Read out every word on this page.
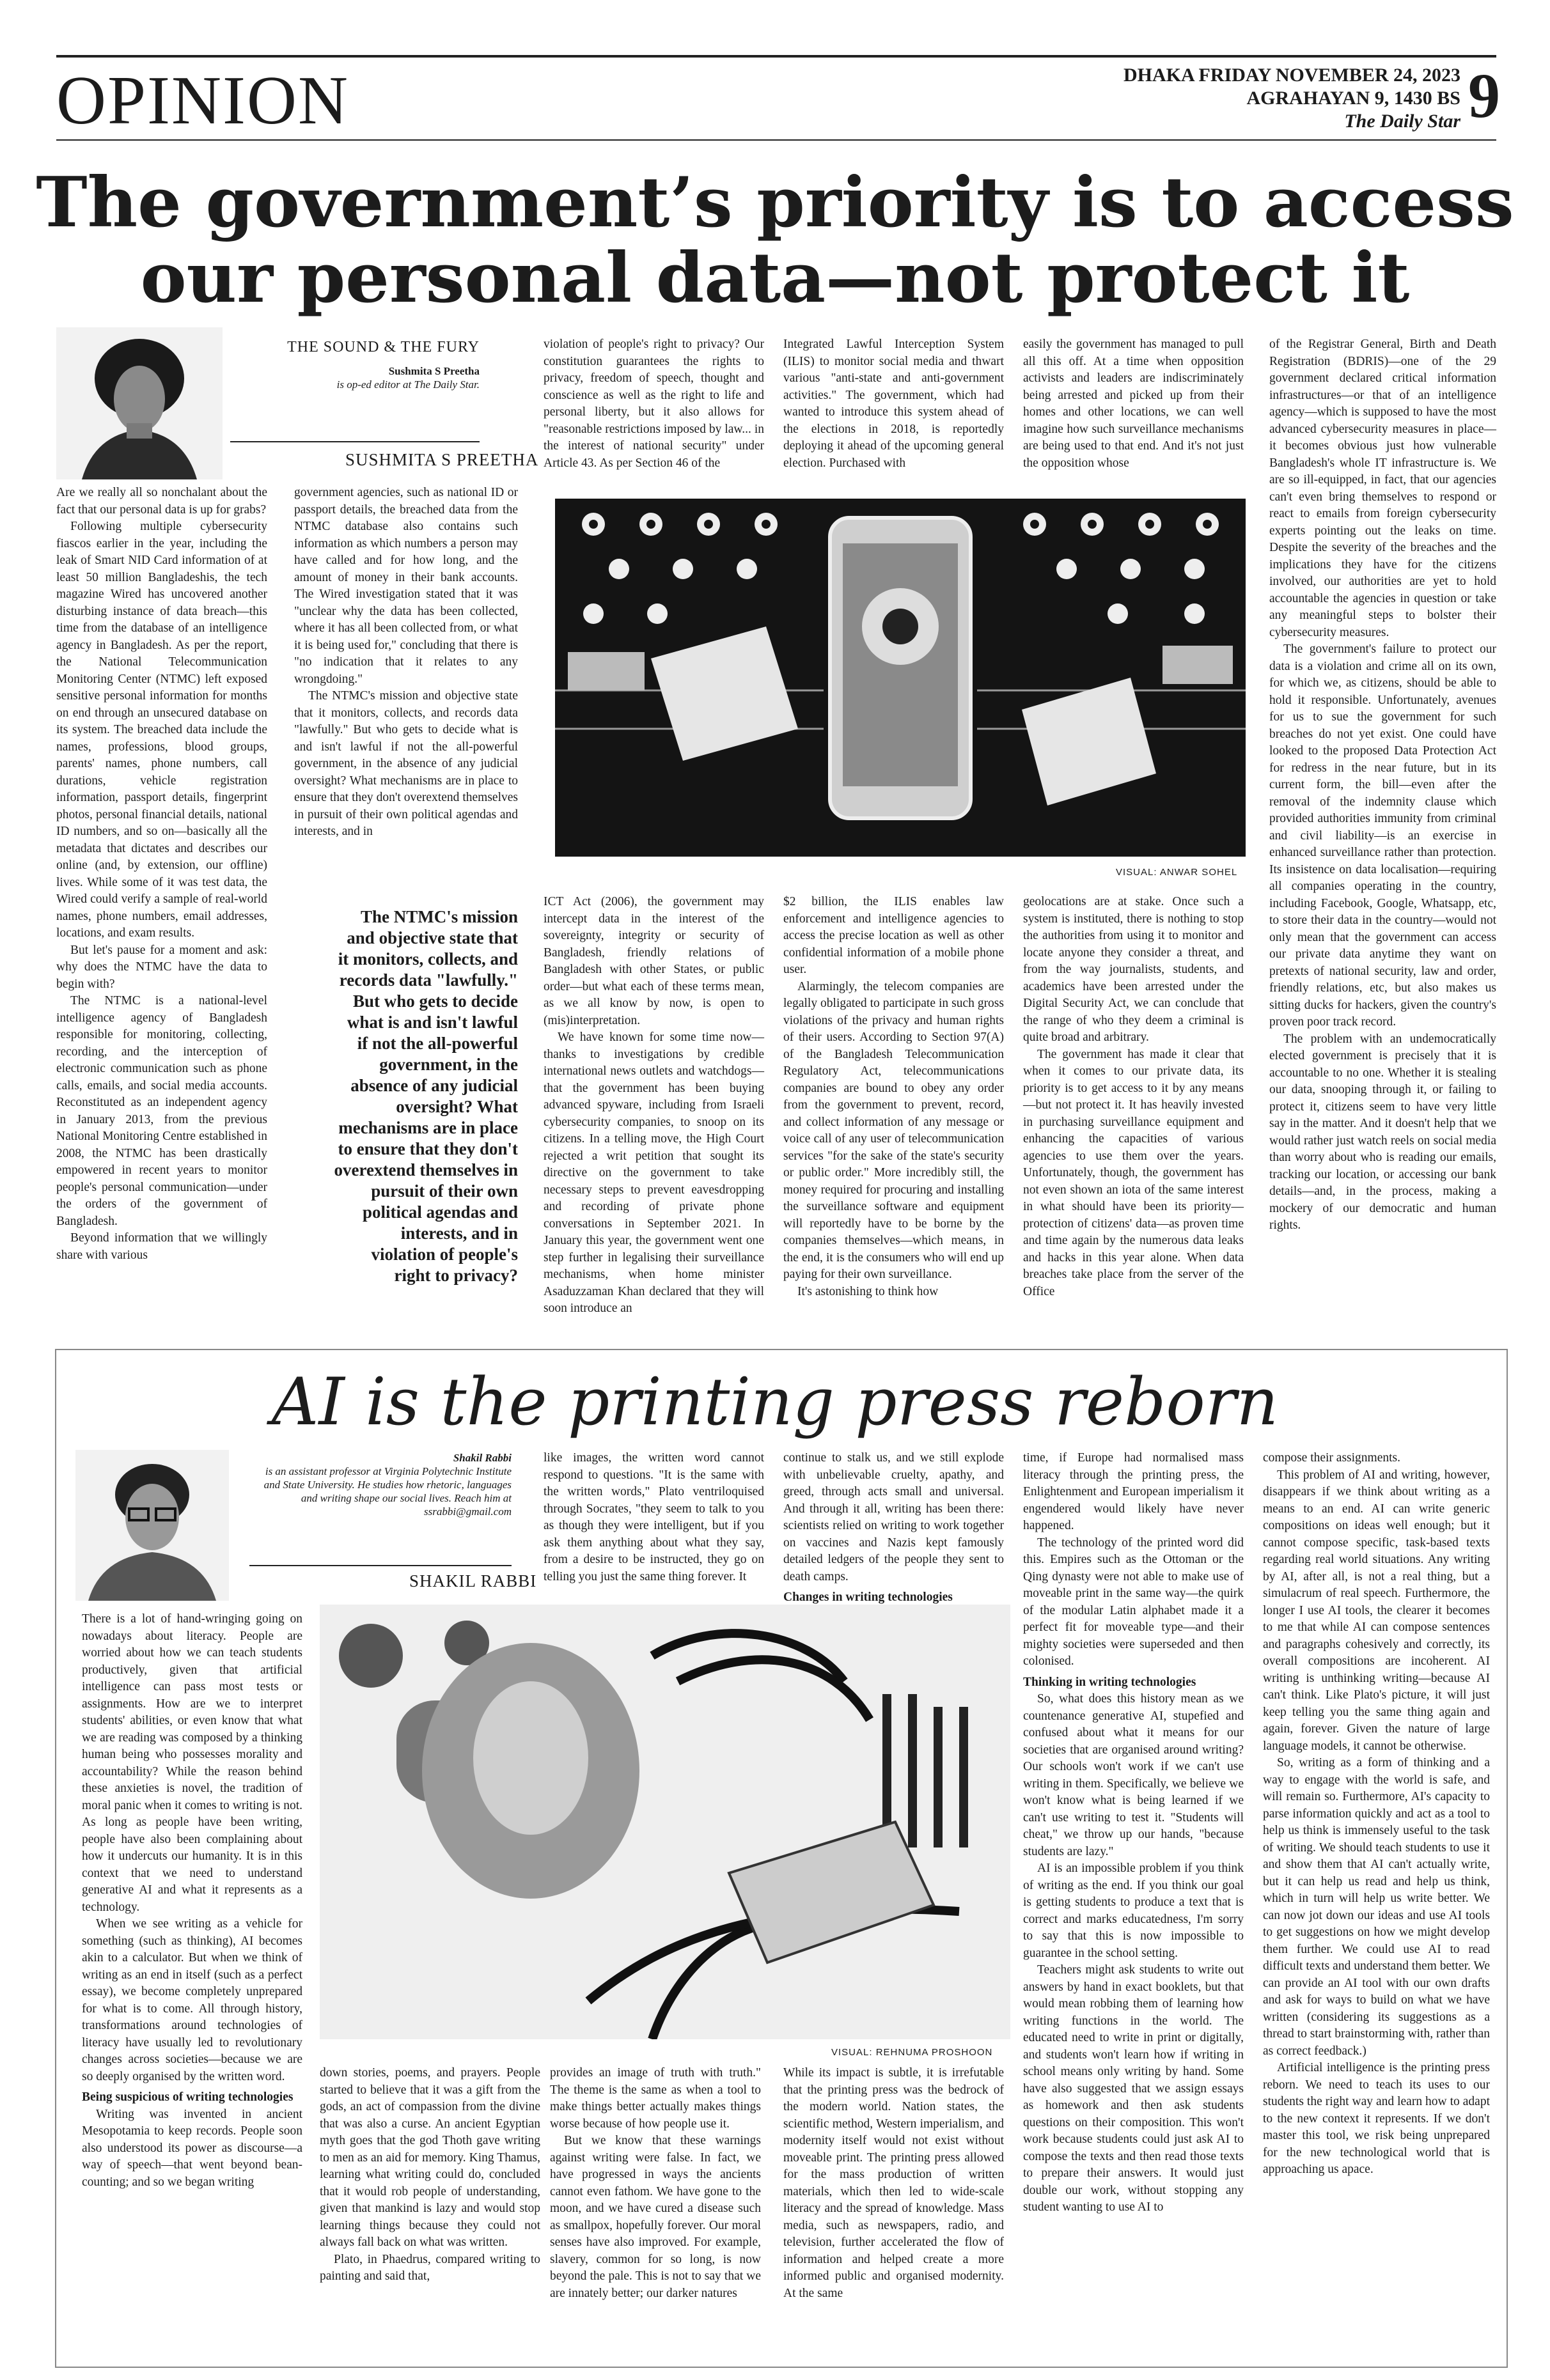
OPINION	DHAKA FRIDAY NOVEMBER 24, 2023
AGRAHAYAN 9, 1430 BS
The Daily Star 9
The government’s priority is to access
our personal data—not protect it
THE SOUND & THE FURY
Sushmita S Preetha
is op-ed editor at The Daily Star.
SUSHMITA S PREETHA

Are we really all so nonchalant about the fact that our personal data is up for grabs?

Following multiple cybersecurity fiascos earlier in the year, including the leak of Smart NID Card information of at least 50 million Bangladeshis, the tech magazine Wired has uncovered another disturbing instance of data breach—this time from the database of an intelligence agency in Bangladesh. As per the report, the National Telecommunication Monitoring Center (NTMC) left exposed sensitive personal information for months on end through an unsecured database on its system. The breached data include the names, professions, blood groups, parents' names, phone numbers, call durations, vehicle registration information, passport details, fingerprint photos, personal financial details, national ID numbers, and so on—basically all the metadata that dictates and describes our online (and, by extension, our offline) lives. While some of it was test data, the Wired could verify a sample of real-world names, phone numbers, email addresses, locations, and exam results.

But let's pause for a moment and ask: why does the NTMC have the data to begin with?

The NTMC is a national-level intelligence agency of Bangladesh responsible for monitoring, collecting, recording, and the interception of electronic communication such as phone calls, emails, and social media accounts. Reconstituted as an independent agency in January 2013, from the previous National Monitoring Centre established in 2008, the NTMC has been drastically empowered in recent years to monitor people's personal communication—under the orders of the government of Bangladesh.

Beyond information that we willingly share with various

government agencies, such as national ID or passport details, the breached data from the NTMC database also contains such information as which numbers a person may have called and for how long, and the amount of money in their bank accounts. The Wired investigation stated that it was "unclear why the data has been collected, where it has all been collected from, or what it is being used for," concluding that there is "no indication that it relates to any wrongdoing."

The NTMC's mission and objective state that it monitors, collects, and records data "lawfully." But who gets to decide what is and isn't lawful if not the all-powerful government, in the absence of any judicial oversight? What mechanisms are in place to ensure that they don't overextend themselves in pursuit of their own political agendas and interests, and in

The NTMC's mission and objective state that it monitors, collects, and records data "lawfully." But who gets to decide what is and isn't lawful if not the all-powerful government, in the absence of any judicial oversight? What mechanisms are in place to ensure that they don't overextend themselves in pursuit of their own political agendas and interests, and in violation of people's right to privacy?

violation of people's right to privacy? Our constitution guarantees the rights to privacy, freedom of speech, thought and conscience as well as the right to life and personal liberty, but it also allows for "reasonable restrictions imposed by law... in the interest of national security" under Article 43. As per Section 46 of the

Integrated Lawful Interception System (ILIS) to monitor social media and thwart various "anti-state and anti-government activities." The government, which had wanted to introduce this system ahead of the elections in 2018, is reportedly deploying it ahead of the upcoming general election. Purchased with

easily the government has managed to pull all this off. At a time when opposition activists and leaders are indiscriminately being arrested and picked up from their homes and other locations, we can well imagine how such surveillance mechanisms are being used to that end. And it's not just the opposition whose

VISUAL: ANWAR SOHEL

ICT Act (2006), the government may intercept data in the interest of the sovereignty, integrity or security of Bangladesh, friendly relations of Bangladesh with other States, or public order—but what each of these terms mean, as we all know by now, is open to (mis)interpretation.

We have known for some time now—thanks to investigations by credible international news outlets and watchdogs—that the government has been buying advanced spyware, including from Israeli cybersecurity companies, to snoop on its citizens. In a telling move, the High Court rejected a writ petition that sought its directive on the government to take necessary steps to prevent eavesdropping and recording of private phone conversations in September 2021. In January this year, the government went one step further in legalising their surveillance mechanisms, when home minister Asaduzzaman Khan declared that they will soon introduce an

$2 billion, the ILIS enables law enforcement and intelligence agencies to access the precise location as well as other confidential information of a mobile phone user.

Alarmingly, the telecom companies are legally obligated to participate in such gross violations of the privacy and human rights of their users. According to Section 97(A) of the Bangladesh Telecommunication Regulatory Act, telecommunications companies are bound to obey any order from the government to prevent, record, and collect information of any message or voice call of any user of telecommunication services "for the sake of the state's security or public order." More incredibly still, the money required for procuring and installing the surveillance software and equipment will reportedly have to be borne by the companies themselves—which means, in the end, it is the consumers who will end up paying for their own surveillance.

It's astonishing to think how

geolocations are at stake. Once such a system is instituted, there is nothing to stop the authorities from using it to monitor and locate anyone they consider a threat, and from the way journalists, students, and academics have been arrested under the Digital Security Act, we can conclude that the range of who they deem a criminal is quite broad and arbitrary.

The government has made it clear that when it comes to our private data, its priority is to get access to it by any means—but not protect it. It has heavily invested in purchasing surveillance equipment and enhancing the capacities of various agencies to use them over the years. Unfortunately, though, the government has not even shown an iota of the same interest in what should have been its priority—protection of citizens' data—as proven time and time again by the numerous data leaks and hacks in this year alone. When data breaches take place from the server of the Office

of the Registrar General, Birth and Death Registration (BDRIS)—one of the 29 government declared critical information infrastructures—or that of an intelligence agency—which is supposed to have the most advanced cybersecurity measures in place—it becomes obvious just how vulnerable Bangladesh's whole IT infrastructure is. We are so ill-equipped, in fact, that our agencies can't even bring themselves to respond or react to emails from foreign cybersecurity experts pointing out the leaks on time. Despite the severity of the breaches and the implications they have for the citizens involved, our authorities are yet to hold accountable the agencies in question or take any meaningful steps to bolster their cybersecurity measures.

The government's failure to protect our data is a violation and crime all on its own, for which we, as citizens, should be able to hold it responsible. Unfortunately, avenues for us to sue the government for such breaches do not yet exist. One could have looked to the proposed Data Protection Act for redress in the near future, but in its current form, the bill—even after the removal of the indemnity clause which provided authorities immunity from criminal and civil liability—is an exercise in enhanced surveillance rather than protection. Its insistence on data localisation—requiring all companies operating in the country, including Facebook, Google, Whatsapp, etc, to store their data in the country—would not only mean that the government can access our private data anytime they want on pretexts of national security, law and order, friendly relations, etc, but also makes us sitting ducks for hackers, given the country's proven poor track record.

The problem with an undemocratically elected government is precisely that it is accountable to no one. Whether it is stealing our data, snooping through it, or failing to protect it, citizens seem to have very little say in the matter. And it doesn't help that we would rather just watch reels on social media than worry about who is reading our emails, tracking our location, or accessing our bank details—and, in the process, making a mockery of our democratic and human rights.

AI is the printing press reborn
Shakil Rabbi
is an assistant professor at Virginia Polytechnic Institute and State University. He studies how rhetoric, languages and writing shape our social lives. Reach him at ssrabbi@gmail.com
SHAKIL RABBI

There is a lot of hand-wringing going on nowadays about literacy. People are worried about how we can teach students productively, given that artificial intelligence can pass most tests or assignments. How are we to interpret students' abilities, or even know that what we are reading was composed by a thinking human being who possesses morality and accountability? While the reason behind these anxieties is novel, the tradition of moral panic when it comes to writing is not. As long as people have been writing, people have also been complaining about how it undercuts our humanity. It is in this context that we need to understand generative AI and what it represents as a technology.

When we see writing as a vehicle for something (such as thinking), AI becomes akin to a calculator. But when we think of writing as an end in itself (such as a perfect essay), we become completely unprepared for what is to come. All through history, transformations around technologies of literacy have usually led to revolutionary changes across societies—because we are so deeply organised by the written word.

Being suspicious of writing technologies

Writing was invented in ancient Mesopotamia to keep records. People soon also understood its power as discourse—a way of speech—that went beyond bean-counting; and so we began writing

like images, the written word cannot respond to questions. "It is the same with the written words," Plato ventriloquised through Socrates, "they seem to talk to you as though they were intelligent, but if you ask them anything about what they say, from a desire to be instructed, they go on telling you just the same thing forever. It

continue to stalk us, and we still explode with unbelievable cruelty, apathy, and greed, through acts small and universal. And through it all, writing has been there: scientists relied on writing to work together on vaccines and Nazis kept famously detailed ledgers of the people they sent to death camps.

Changes in writing technologies
VISUAL: REHNUMA PROSHOON

down stories, poems, and prayers. People started to believe that it was a gift from the gods, an act of compassion from the divine that was also a curse. An ancient Egyptian myth goes that the god Thoth gave writing to men as an aid for memory. King Thamus, learning what writing could do, concluded that it would rob people of understanding, given that mankind is lazy and would stop learning things because they could not always fall back on what was written.

Plato, in Phaedrus, compared writing to painting and said that,

provides an image of truth with truth." The theme is the same as when a tool to make things better actually makes things worse because of how people use it.

But we know that these warnings against writing were false. In fact, we have progressed in ways the ancients cannot even fathom. We have gone to the moon, and we have cured a disease such as smallpox, hopefully forever. Our moral senses have also improved. For example, slavery, common for so long, is now beyond the pale. This is not to say that we are innately better; our darker natures

While its impact is subtle, it is irrefutable that the printing press was the bedrock of the modern world. Nation states, the scientific method, Western imperialism, and modernity itself would not exist without moveable print. The printing press allowed for the mass production of written materials, which then led to wide-scale literacy and the spread of knowledge. Mass media, such as newspapers, radio, and television, further accelerated the flow of information and helped create a more informed public and organised modernity. At the same

time, if Europe had normalised mass literacy through the printing press, the Enlightenment and European imperialism it engendered would likely have never happened.

The technology of the printed word did this. Empires such as the Ottoman or the Qing dynasty were not able to make use of moveable print in the same way—the quirk of the modular Latin alphabet made it a perfect fit for moveable type—and their mighty societies were superseded and then colonised.

Thinking in writing technologies

So, what does this history mean as we countenance generative AI, stupefied and confused about what it means for our societies that are organised around writing? Our schools won't work if we can't use writing in them. Specifically, we believe we won't know what is being learned if we can't use writing to test it. "Students will cheat," we throw up our hands, "because students are lazy."

AI is an impossible problem if you think of writing as the end. If you think our goal is getting students to produce a text that is correct and marks educatedness, I'm sorry to say that this is now impossible to guarantee in the school setting.

Teachers might ask students to write out answers by hand in exact booklets, but that would mean robbing them of learning how writing functions in the world. The educated need to write in print or digitally, and students won't learn how if writing in school means only writing by hand. Some have also suggested that we assign essays as homework and then ask students questions on their composition. This won't work because students could just ask AI to compose the texts and then read those texts to prepare their answers. It would just double our work, without stopping any student wanting to use AI to

compose their assignments.

This problem of AI and writing, however, disappears if we think about writing as a means to an end. AI can write generic compositions on ideas well enough; but it cannot compose specific, task-based texts regarding real world situations. Any writing by AI, after all, is not a real thing, but a simulacrum of real speech. Furthermore, the longer I use AI tools, the clearer it becomes to me that while AI can compose sentences and paragraphs cohesively and correctly, its overall compositions are incoherent. AI writing is unthinking writing—because AI can't think. Like Plato's picture, it will just keep telling you the same thing again and again, forever. Given the nature of large language models, it cannot be otherwise.

So, writing as a form of thinking and a way to engage with the world is safe, and will remain so. Furthermore, AI's capacity to parse information quickly and act as a tool to help us think is immensely useful to the task of writing. We should teach students to use it and show them that AI can't actually write, but it can help us read and help us think, which in turn will help us write better. We can now jot down our ideas and use AI tools to get suggestions on how we might develop them further. We could use AI to read difficult texts and understand them better. We can provide an AI tool with our own drafts and ask for ways to build on what we have written (considering its suggestions as a thread to start brainstorming with, rather than as correct feedback.)

Artificial intelligence is the printing press reborn. We need to teach its uses to our students the right way and learn how to adapt to the new context it represents. If we don't master this tool, we risk being unprepared for the new technological world that is approaching us apace.
